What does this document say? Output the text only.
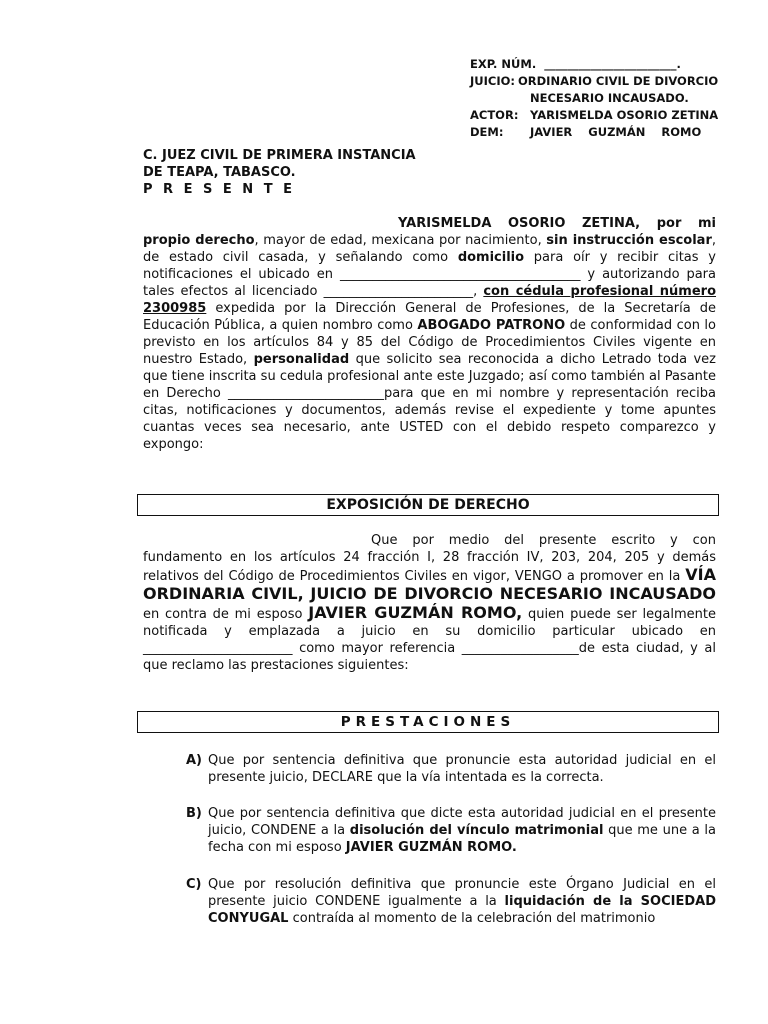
EXP. NÚM. _______________________.
JUICIO: ORDINARIO CIVIL DE DIVORCIO
NECESARIO INCAUSADO.
ACTOR:	YARISMELDA OSORIO ZETINA
DEM:	JAVIER    GUZMÁN    ROMO
C. JUEZ CIVIL DE PRIMERA INSTANCIA
DE TEAPA, TABASCO.
P R E S E N T E
YARISMELDA OSORIO ZETINA, por mi propio derecho, mayor de edad, mexicana por nacimiento, sin instrucción escolar, de estado civil casada, y señalando como domicilio para oír y recibir citas y notificaciones el ubicado en _____________________________________ y autorizando para tales efectos al licenciado _______________________, con cédula profesional número 2300985 expedida por la Dirección General de Profesiones, de la Secretaría de Educación Pública, a quien nombro como ABOGADO PATRONO de conformidad con lo previsto en los artículos 84 y 85 del Código de Procedimientos Civiles vigente en nuestro Estado, personalidad que solicito sea reconocida a dicho Letrado toda vez que tiene inscrita su cedula profesional ante este Juzgado; así como también al Pasante en Derecho ________________________para que en mi nombre y representación reciba citas, notificaciones y documentos, además revise el expediente y tome apuntes cuantas veces sea necesario, ante USTED con el debido respeto comparezco y expongo:
EXPOSICIÓN DE DERECHO
Que por medio del presente escrito y con fundamento en los artículos 24 fracción I, 28 fracción IV, 203, 204, 205 y demás relativos del Código de Procedimientos Civiles en vigor, VENGO a promover en la VÍA ORDINARIA CIVIL, JUICIO DE DIVORCIO NECESARIO INCAUSADO en contra de mi esposo JAVIER GUZMÁN ROMO, quien puede ser legalmente notificada y emplazada a juicio en su domicilio particular ubicado en _______________________ como mayor referencia __________________de esta ciudad, y al que reclamo las prestaciones siguientes:
PRESTACIONES
A) Que por sentencia definitiva que pronuncie esta autoridad judicial en el presente juicio, DECLARE que la vía intentada es la correcta.
B) Que por sentencia definitiva que dicte esta autoridad judicial en el presente juicio, CONDENE a la disolución del vínculo matrimonial que me une a la fecha con mi esposo JAVIER GUZMÁN ROMO.
C) Que por resolución definitiva que pronuncie este Órgano Judicial en el presente juicio CONDENE igualmente a la liquidación de la SOCIEDAD CONYUGAL contraída al momento de la celebración del matrimonio
